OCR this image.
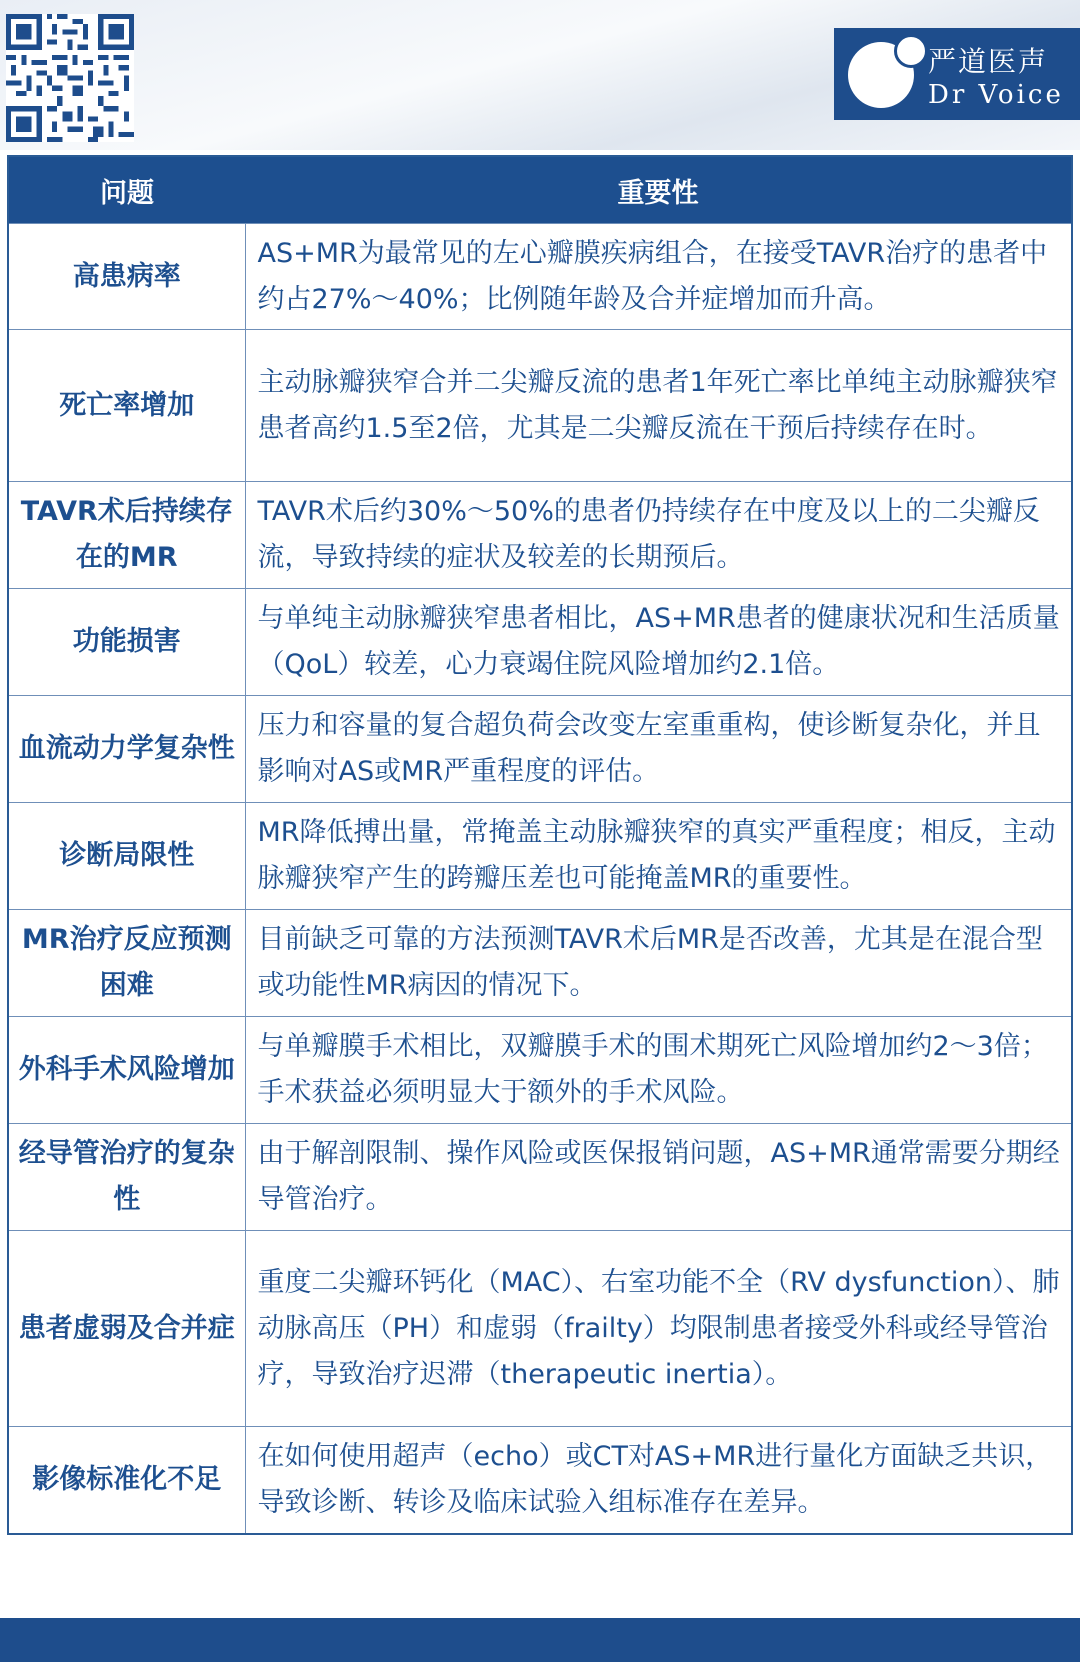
严道医声
Dr Voice
问题	重要性
高患病率	AS+MR为最常见的左心瓣膜疾病组合，在接受TAVR治疗的患者中约占27%～40%；比例随年龄及合并症增加而升高。
死亡率增加	主动脉瓣狭窄合并二尖瓣反流的患者1年死亡率比单纯主动脉瓣狭窄患者高约1.5至2倍，尤其是二尖瓣反流在干预后持续存在时。
TAVR术后持续存在的MR	TAVR术后约30%～50%的患者仍持续存在中度及以上的二尖瓣反流，导致持续的症状及较差的长期预后。
功能损害	与单纯主动脉瓣狭窄患者相比，AS+MR患者的健康状况和生活质量（QoL）较差，心力衰竭住院风险增加约2.1倍。
血流动力学复杂性	压力和容量的复合超负荷会改变左室重重构，使诊断复杂化，并且影响对AS或MR严重程度的评估。
诊断局限性	MR降低搏出量，常掩盖主动脉瓣狭窄的真实严重程度；相反，主动脉瓣狭窄产生的跨瓣压差也可能掩盖MR的重要性。
MR治疗反应预测困难	目前缺乏可靠的方法预测TAVR术后MR是否改善，尤其是在混合型或功能性MR病因的情况下。
外科手术风险增加	与单瓣膜手术相比，双瓣膜手术的围术期死亡风险增加约2～3倍；手术获益必须明显大于额外的手术风险。
经导管治疗的复杂性	由于解剖限制、操作风险或医保报销问题，AS+MR通常需要分期经导管治疗。
患者虚弱及合并症	重度二尖瓣环钙化（MAC）、右室功能不全（RV dysfunction）、肺动脉高压（PH）和虚弱（frailty）均限制患者接受外科或经导管治疗，导致治疗迟滞（therapeutic inertia）。
影像标准化不足	在如何使用超声（echo）或CT对AS+MR进行量化方面缺乏共识，导致诊断、转诊及临床试验入组标准存在差异。
